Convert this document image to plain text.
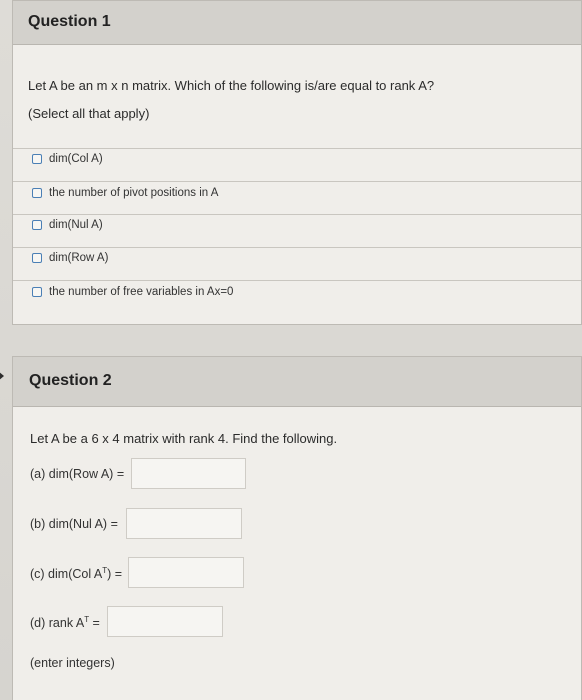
Question 1
Let A be an m x n matrix. Which of the following is/are equal to rank A?
(Select all that apply)
dim(Col A)
the number of pivot positions in A
dim(Nul A)
dim(Row A)
the number of free variables in Ax=0
Question 2
Let A be a 6 x 4 matrix with rank 4. Find the following.
(a) dim(Row A) =
(b) dim(Nul A) =
(c) dim(Col $A^T$) =
(d) rank $A^T$ =
(enter integers)
